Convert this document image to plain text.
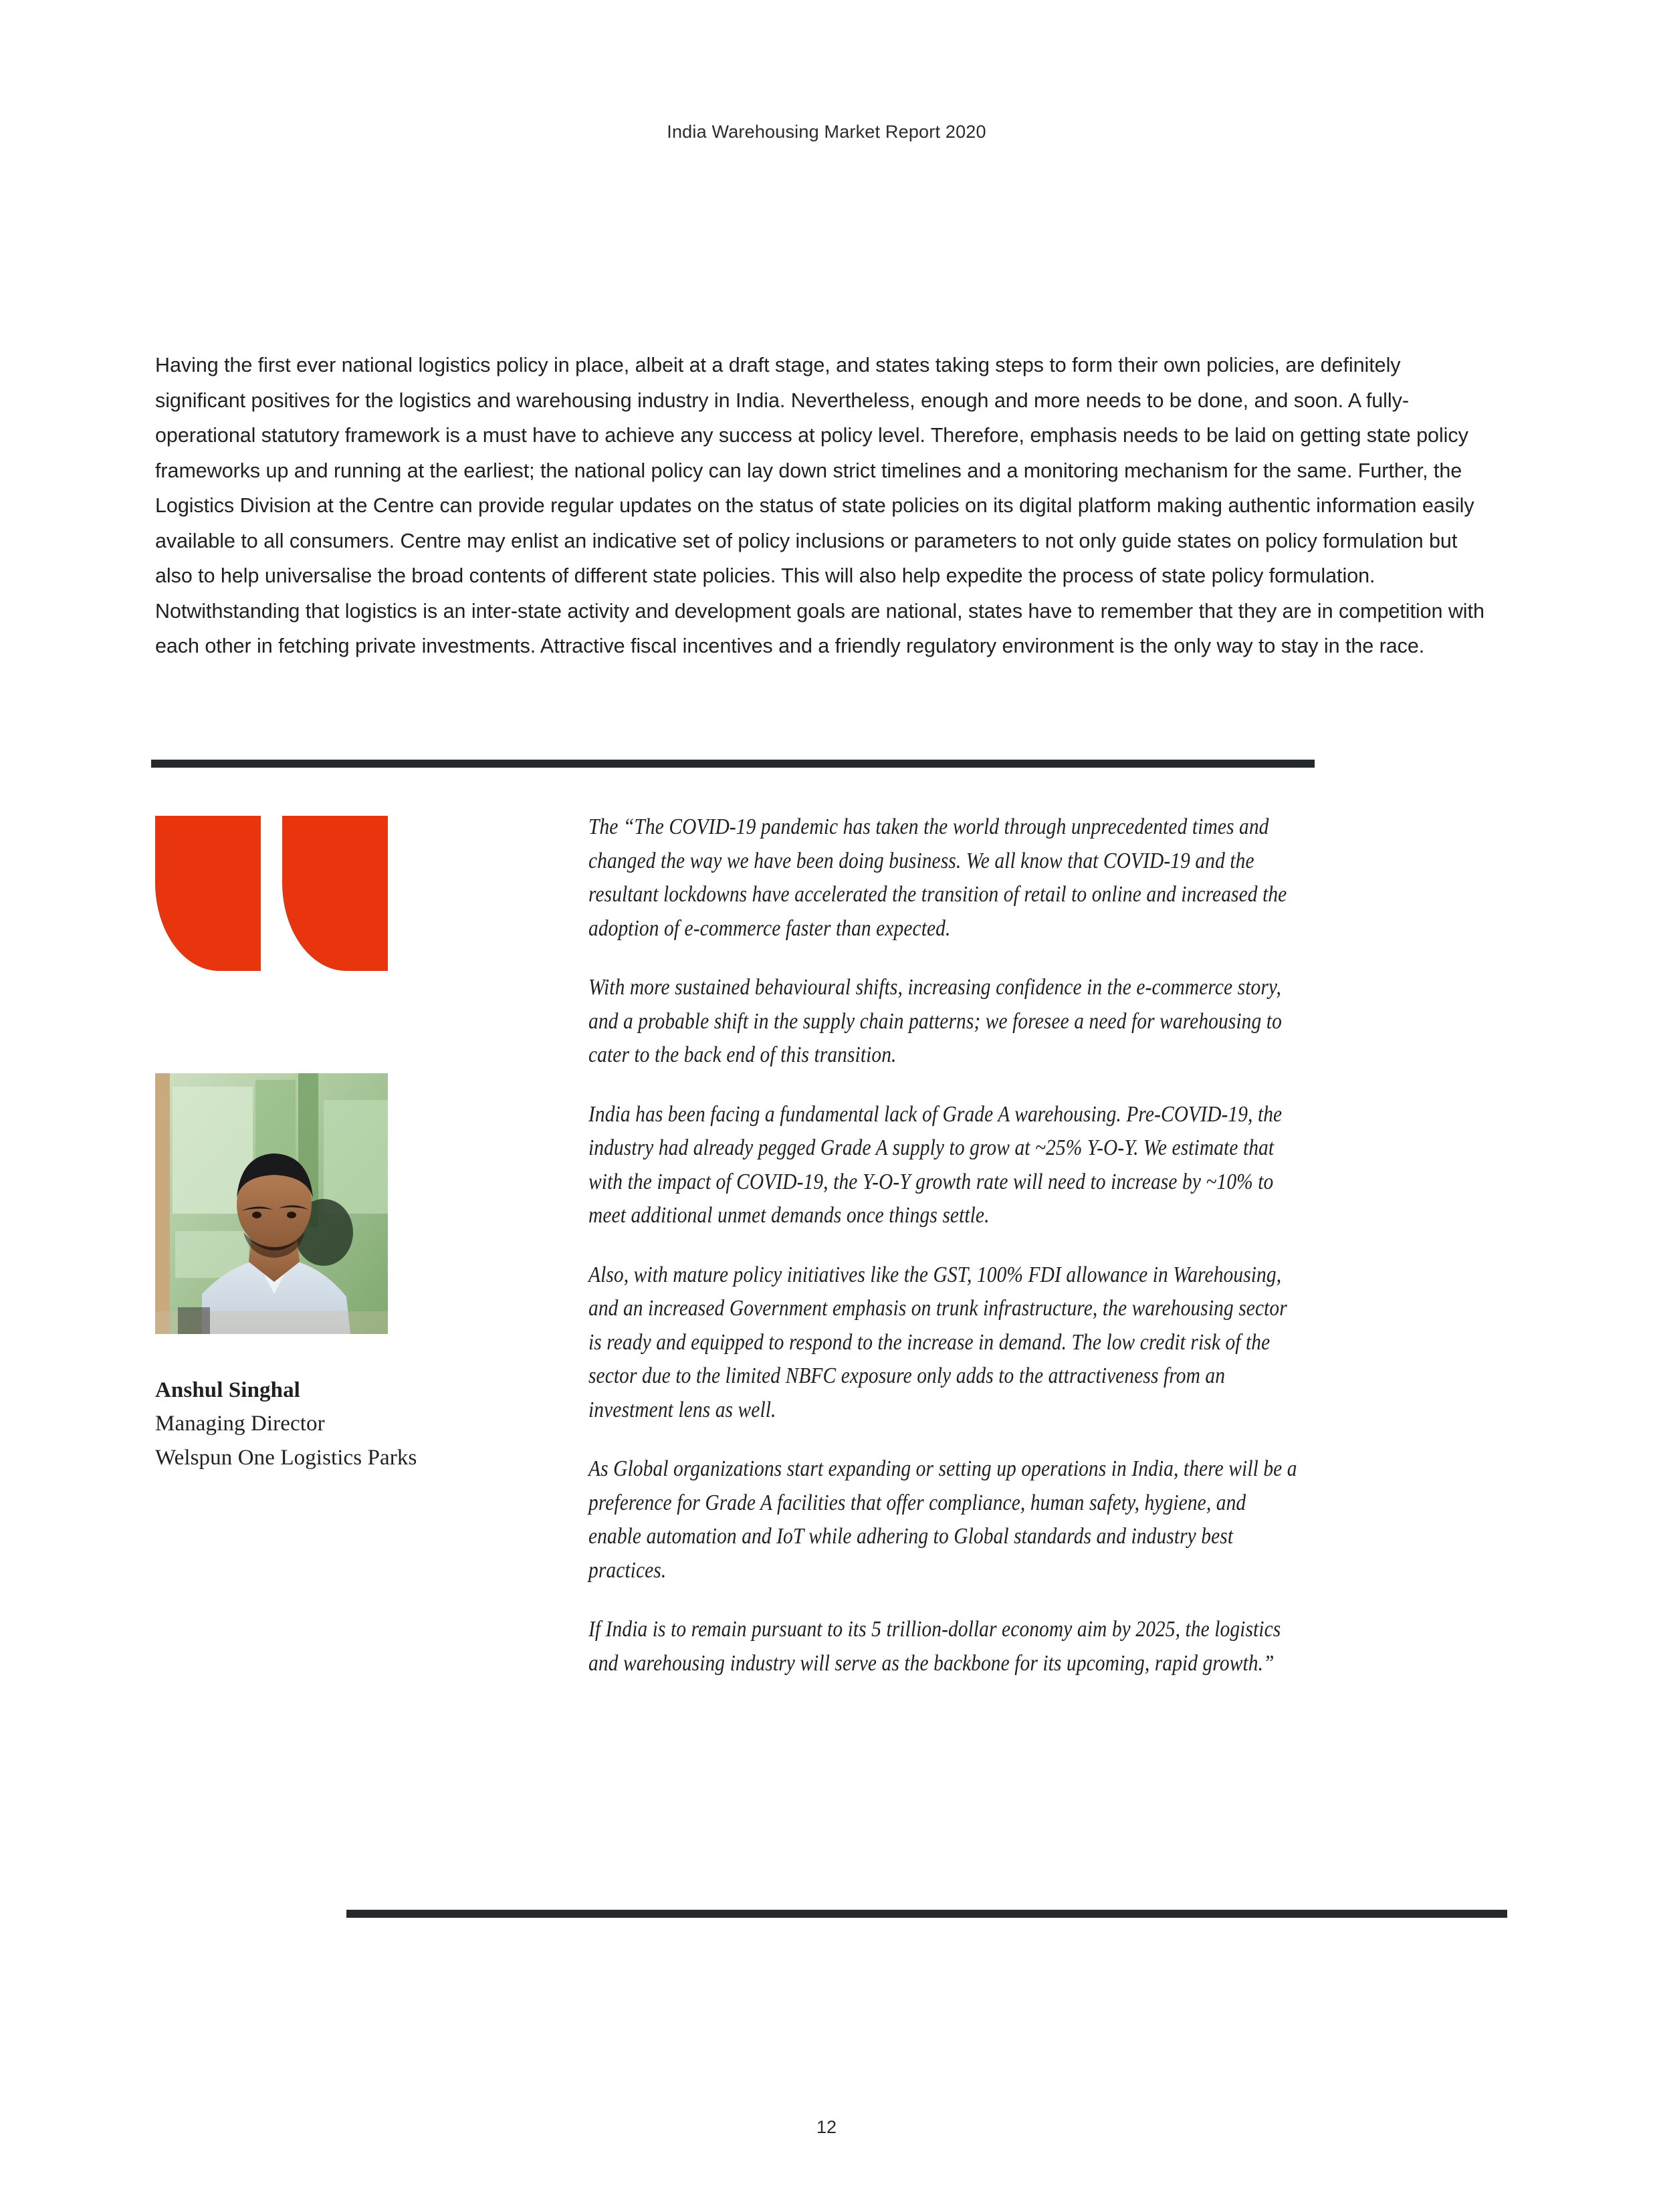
India Warehousing Market Report 2020
Having the first ever national logistics policy in place, albeit at a draft stage, and states taking steps to form their own policies, are definitely significant positives for the logistics and warehousing industry in India. Nevertheless, enough and more needs to be done, and soon. A fully-operational statutory framework is a must have to achieve any success at policy level. Therefore, emphasis needs to be laid on getting state policy frameworks up and running at the earliest; the national policy can lay down strict timelines and a monitoring mechanism for the same. Further, the Logistics Division at the Centre can provide regular updates on the status of state policies on its digital platform making authentic information easily available to all consumers. Centre may enlist an indicative set of policy inclusions or parameters to not only guide states on policy formulation but also to help universalise the broad contents of different state policies. This will also help expedite the process of state policy formulation. Notwithstanding that logistics is an inter-state activity and development goals are national, states have to remember that they are in competition with each other in fetching private investments. Attractive fiscal incentives and a friendly regulatory environment is the only way to stay in the race.
Anshul Singhal
Managing Director
Welspun One Logistics Parks

The “The COVID-19 pandemic has taken the world through unprecedented times and changed the way we have been doing business. We all know that COVID-19 and the resultant lockdowns have accelerated the transition of retail to online and increased the adoption of e-commerce faster than expected.

With more sustained behavioural shifts, increasing confidence in the e-commerce story, and a probable shift in the supply chain patterns; we foresee a need for warehousing to cater to the back end of this transition.

India has been facing a fundamental lack of Grade A warehousing. Pre-COVID-19, the industry had already pegged Grade A supply to grow at ~25% Y-O-Y. We estimate that with the impact of COVID-19, the Y-O-Y growth rate will need to increase by ~10% to meet additional unmet demands once things settle.

Also, with mature policy initiatives like the GST, 100% FDI allowance in Warehousing, and an increased Government emphasis on trunk infrastructure, the warehousing sector is ready and equipped to respond to the increase in demand. The low credit risk of the sector due to the limited NBFC exposure only adds to the attractiveness from an investment lens as well.

As Global organizations start expanding or setting up operations in India, there will be a preference for Grade A facilities that offer compliance, human safety, hygiene, and enable automation and IoT while adhering to Global standards and industry best practices.

If India is to remain pursuant to its 5 trillion-dollar economy aim by 2025, the logistics and warehousing industry will serve as the backbone for its upcoming, rapid growth.”

12
